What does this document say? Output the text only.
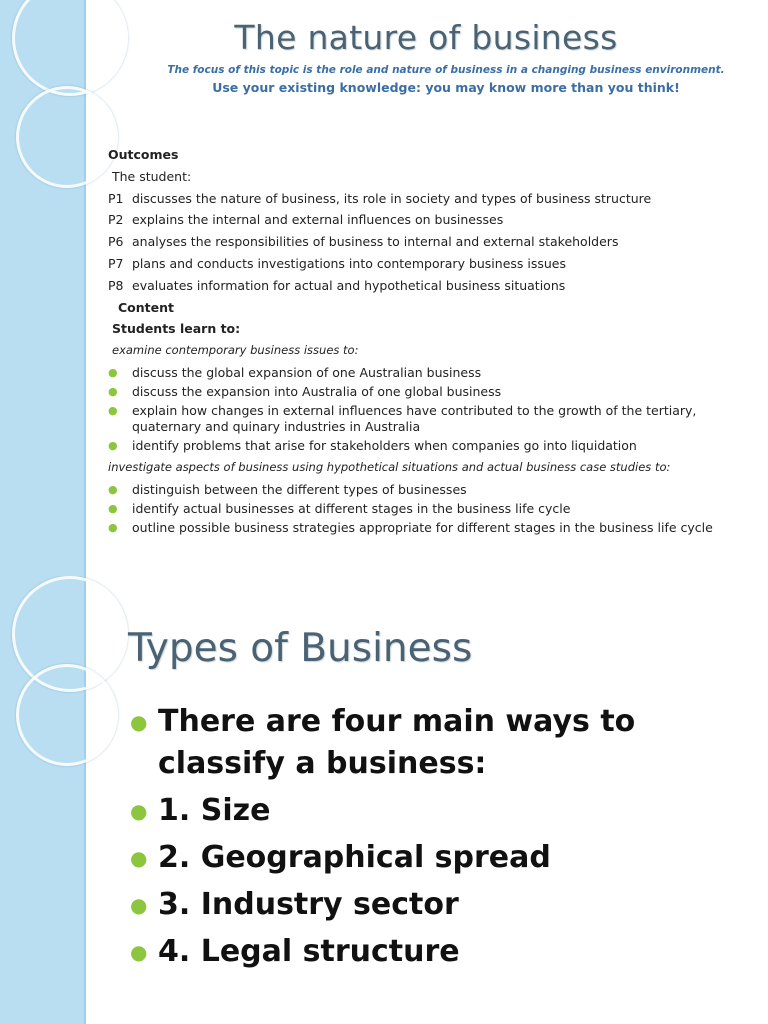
The nature of business
The focus of this topic is the role and nature of business in a changing business environment.
Use your existing knowledge: you may know more than you think!
Outcomes
The student:
P1 discusses the nature of business, its role in society and types of business structure
P2 explains the internal and external influences on businesses
P6 analyses the responsibilities of business to internal and external stakeholders
P7 plans and conducts investigations into contemporary business issues
P8 evaluates information for actual and hypothetical business situations
Content
Students learn to:
examine contemporary business issues to:
●	discuss the global expansion of one Australian business
●	discuss the expansion into Australia of one global business
●	explain how changes in external influences have contributed to the growth of the tertiary, quaternary and quinary industries in Australia
●	identify problems that arise for stakeholders when companies go into liquidation
investigate aspects of business using hypothetical situations and actual business case studies to:
●	distinguish between the different types of businesses
●	identify actual businesses at different stages in the business life cycle
●	outline possible business strategies appropriate for different stages in the business life cycle
Types of Business
● There are four main ways to classify a business:
● 1. Size
● 2. Geographical spread
● 3. Industry sector
● 4. Legal structure
